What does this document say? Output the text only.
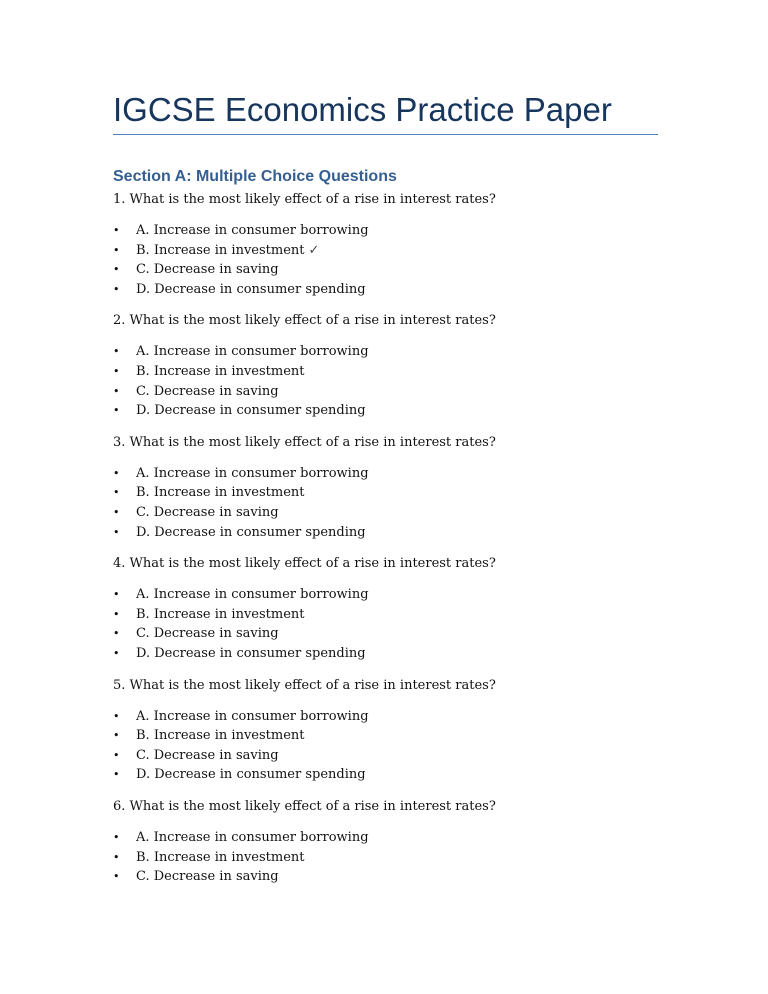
IGCSE Economics Practice Paper
Section A: Multiple Choice Questions

1. What is the most likely effect of a rise in interest rates?

•	A. Increase in consumer borrowing
•	B. Increase in investment ✓
•	C. Decrease in saving
•	D. Decrease in consumer spending

2. What is the most likely effect of a rise in interest rates?

•	A. Increase in consumer borrowing
•	B. Increase in investment
•	C. Decrease in saving
•	D. Decrease in consumer spending

3. What is the most likely effect of a rise in interest rates?

•	A. Increase in consumer borrowing
•	B. Increase in investment
•	C. Decrease in saving
•	D. Decrease in consumer spending

4. What is the most likely effect of a rise in interest rates?

•	A. Increase in consumer borrowing
•	B. Increase in investment
•	C. Decrease in saving
•	D. Decrease in consumer spending

5. What is the most likely effect of a rise in interest rates?

•	A. Increase in consumer borrowing
•	B. Increase in investment
•	C. Decrease in saving
•	D. Decrease in consumer spending

6. What is the most likely effect of a rise in interest rates?

•	A. Increase in consumer borrowing
•	B. Increase in investment
•	C. Decrease in saving
